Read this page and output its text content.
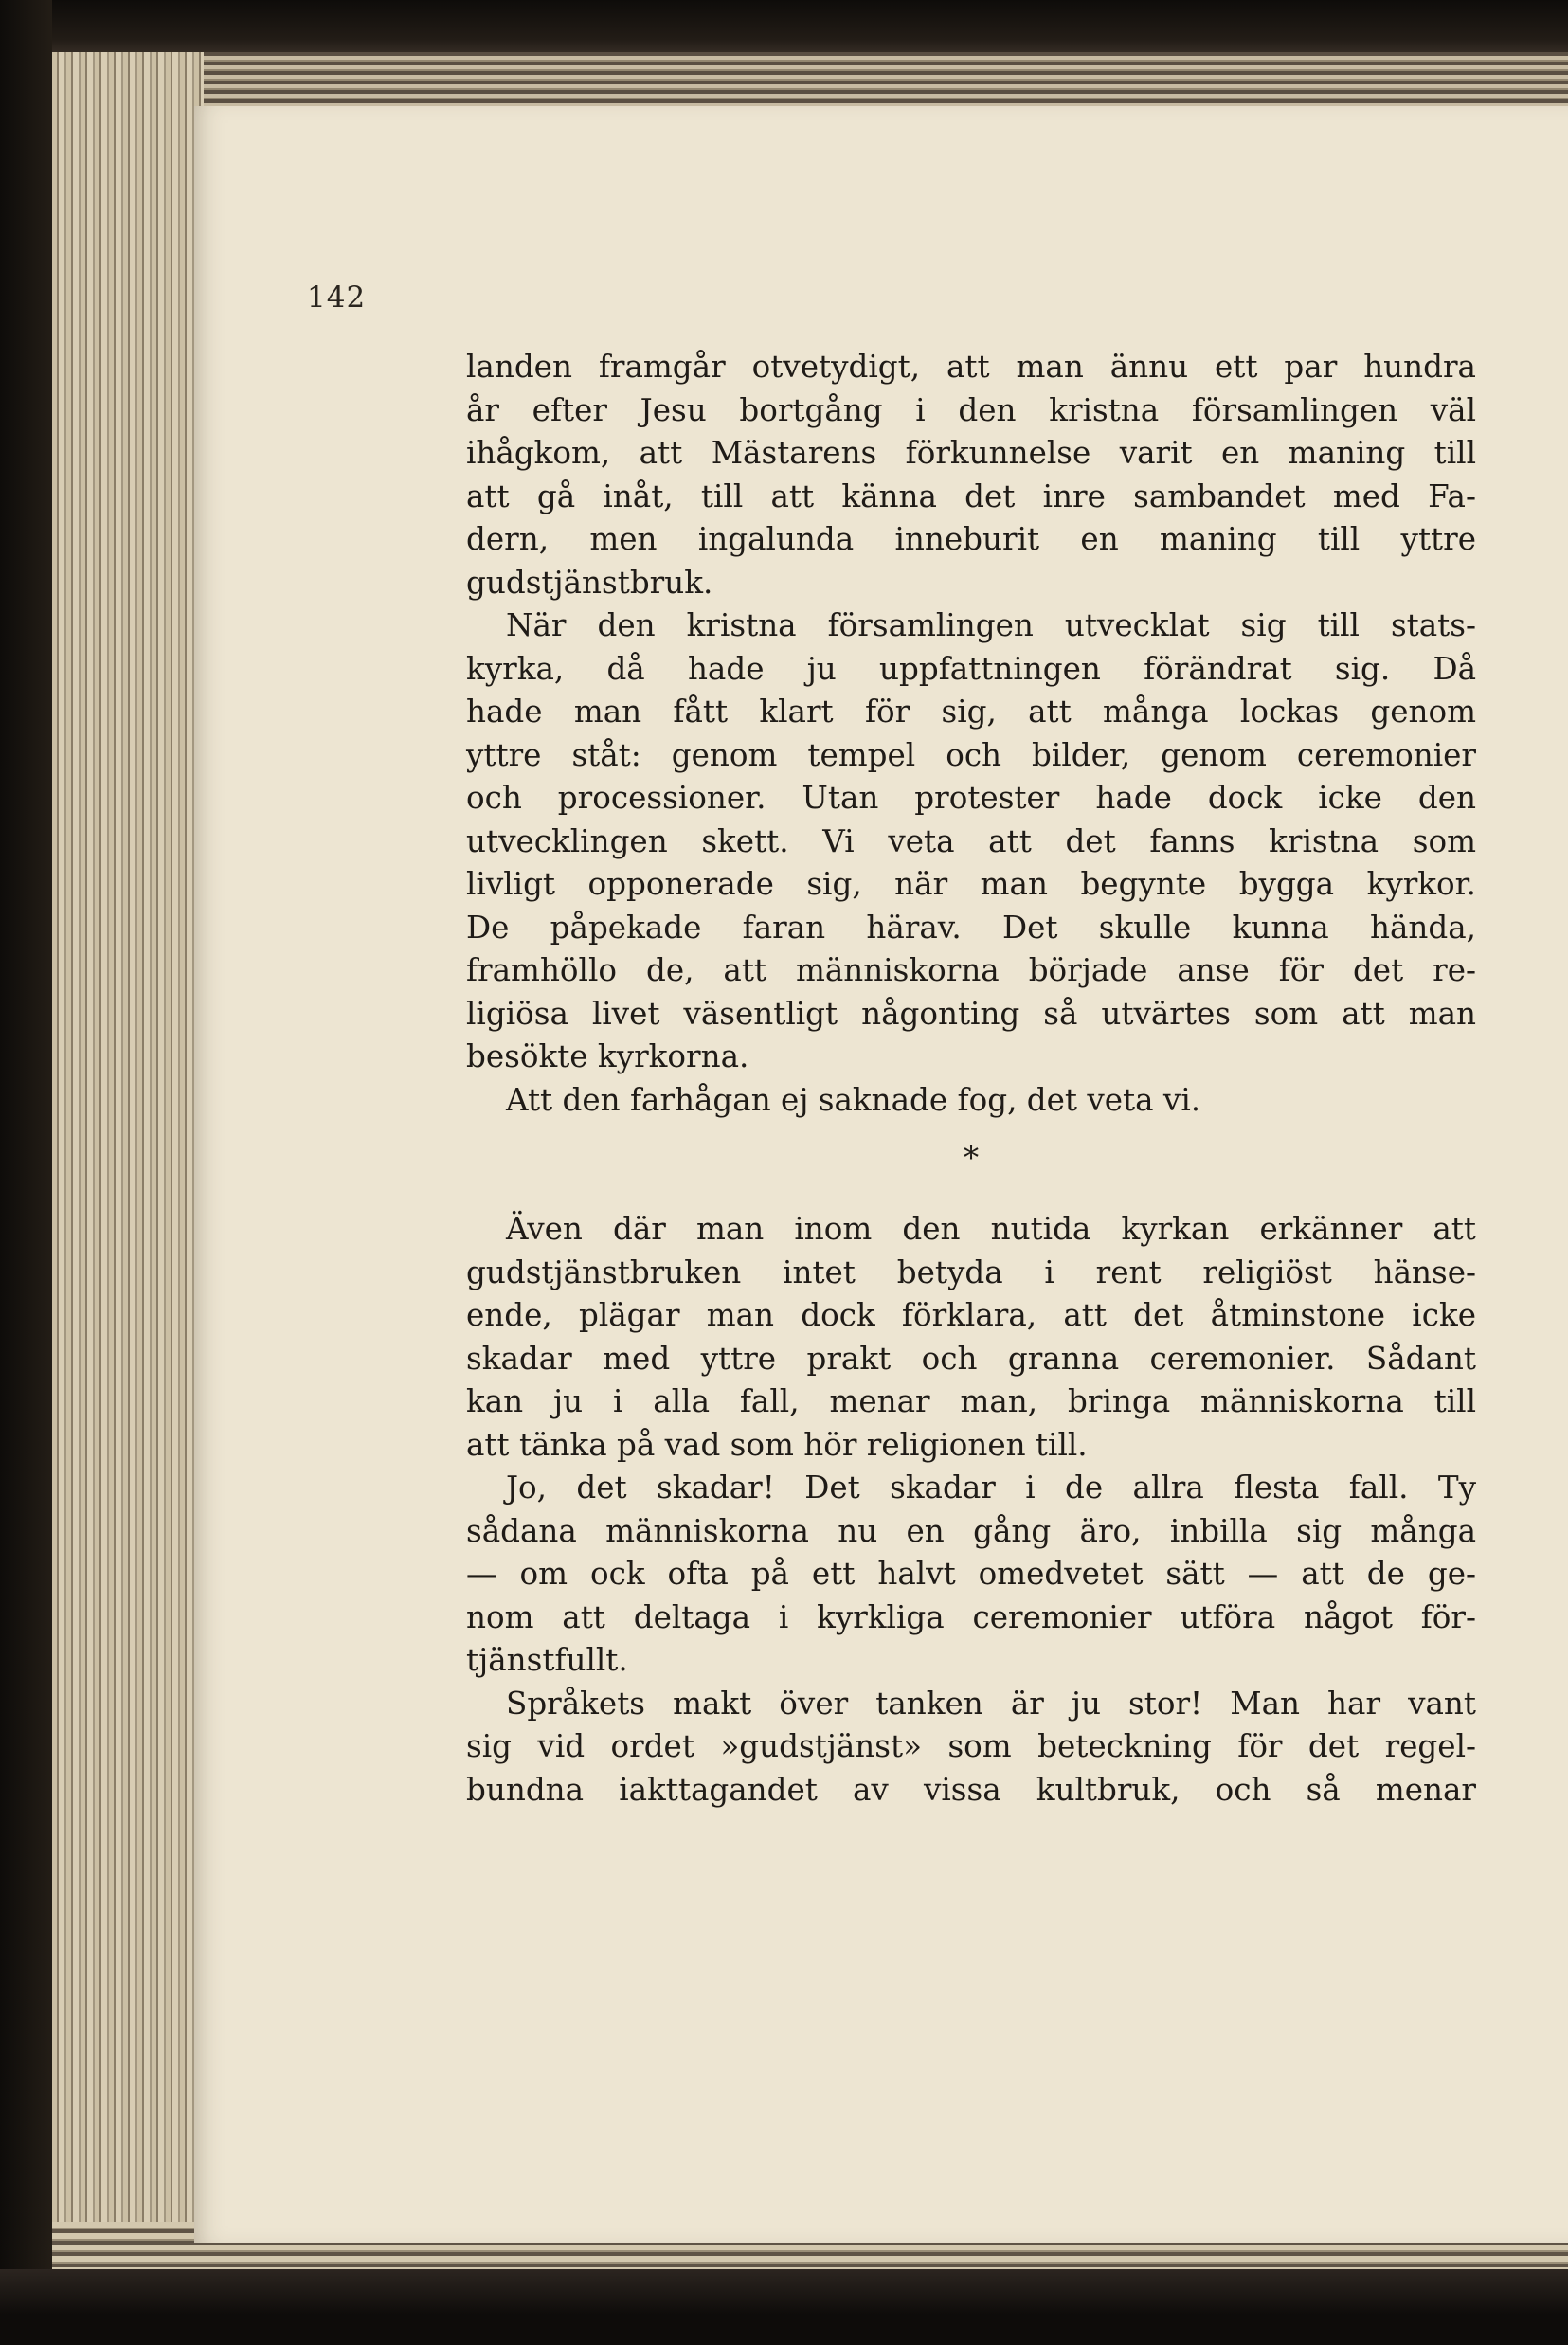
142
landen framgår otvetydigt, att man ännu ett par hundra
år efter Jesu bortgång i den kristna församlingen väl
ihågkom, att Mästarens förkunnelse varit en maning till
att gå inåt, till att känna det inre sambandet med Fa-
dern, men ingalunda inneburit en maning till yttre
gudstjänstbruk.
När den kristna församlingen utvecklat sig till stats-
kyrka, då hade ju uppfattningen förändrat sig. Då
hade man fått klart för sig, att många lockas genom
yttre ståt: genom tempel och bilder, genom ceremonier
och processioner. Utan protester hade dock icke den
utvecklingen skett. Vi veta att det fanns kristna som
livligt opponerade sig, när man begynte bygga kyrkor.
De påpekade faran härav. Det skulle kunna hända,
framhöllo de, att människorna började anse för det re-
ligiösa livet väsentligt någonting så utvärtes som att man
besökte kyrkorna.
Att den farhågan ej saknade fog, det veta vi.
*
Även där man inom den nutida kyrkan erkänner att
gudstjänstbruken intet betyda i rent religiöst hänse-
ende, plägar man dock förklara, att det åtminstone icke
skadar med yttre prakt och granna ceremonier. Sådant
kan ju i alla fall, menar man, bringa människorna till
att tänka på vad som hör religionen till.
Jo, det skadar! Det skadar i de allra flesta fall. Ty
sådana människorna nu en gång äro, inbilla sig många
— om ock ofta på ett halvt omedvetet sätt — att de ge-
nom att deltaga i kyrkliga ceremonier utföra något för-
tjänstfullt.
Språkets makt över tanken är ju stor! Man har vant
sig vid ordet »gudstjänst» som beteckning för det regel-
bundna iakttagandet av vissa kultbruk, och så menar
